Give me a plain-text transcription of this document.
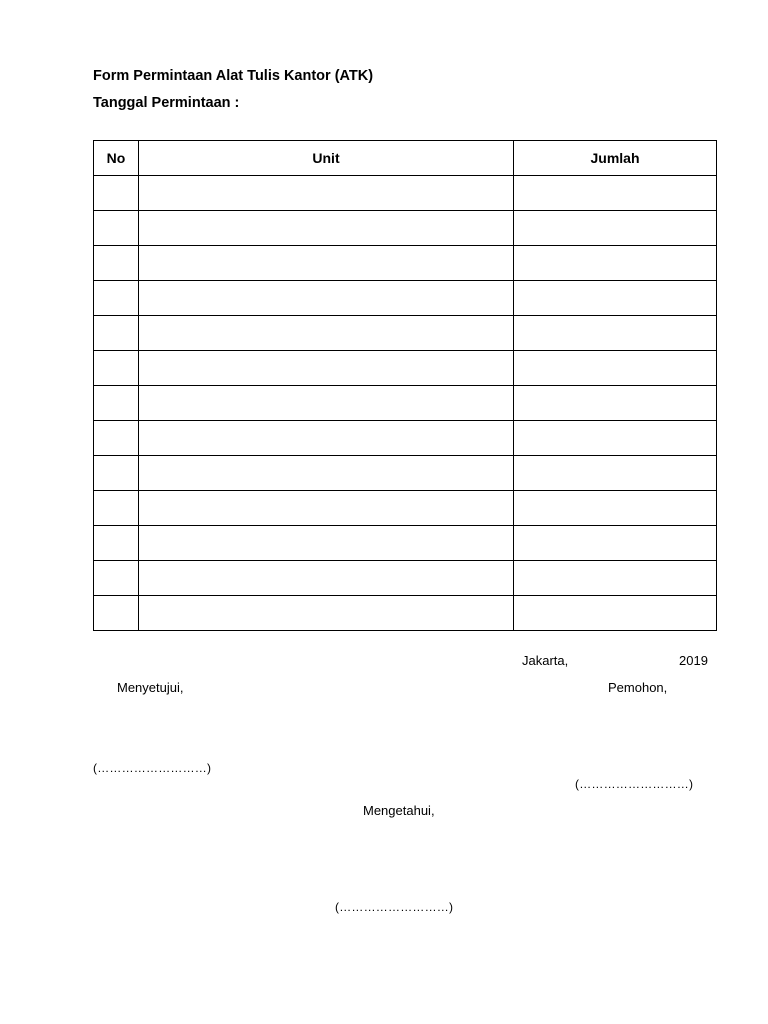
Form Permintaan Alat Tulis Kantor (ATK)
Tanggal Permintaan :
No	Unit	Jumlah

Jakarta,	2019
Menyetujui,	Pemohon,
(………………………)
(………………………)
Mengetahui,
(………………………)
